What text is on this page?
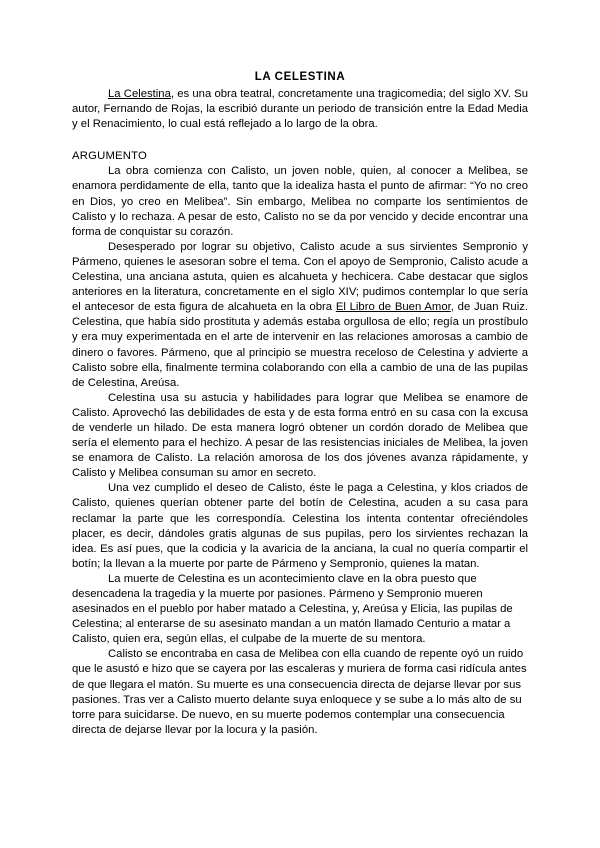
LA CELESTINA

La Celestina, es una obra teatral, concretamente una tragicomedia; del siglo XV. Su autor, Fernando de Rojas, la escribió durante un periodo de transición entre la Edad Media y el Renacimiento, lo cual está reflejado a lo largo de la obra.

ARGUMENTO

La obra comienza con Calisto, un joven noble, quien, al conocer a Melibea, se enamora perdidamente de ella, tanto que la idealiza hasta el punto de afirmar: “Yo no creo en Dios, yo creo en Melibea”. Sin embargo, Melibea no comparte los sentimientos de Calisto y lo rechaza. A pesar de esto, Calisto no se da por vencido y decide encontrar una forma de conquistar su corazón.

Desesperado por lograr su objetivo, Calisto acude a sus sirvientes Sempronio y Pármeno, quienes le asesoran sobre el tema. Con el apoyo de Sempronio, Calisto acude a Celestina, una anciana astuta, quien es alcahueta y hechicera. Cabe destacar que siglos anteriores en la literatura, concretamente en el siglo XIV; pudimos contemplar lo que sería el antecesor de esta figura de alcahueta en la obra El Libro de Buen Amor, de Juan Ruiz. Celestina, que había sido prostituta y además estaba orgullosa de ello; regía un prostíbulo y era muy experimentada en el arte de intervenir en las relaciones amorosas a cambio de dinero o favores. Pármeno, que al principio se muestra receloso de Celestina y advierte a Calisto sobre ella, finalmente termina colaborando con ella a cambio de una de las pupilas de Celestina, Areúsa.

Celestina usa su astucia y habilidades para lograr que Melibea se enamore de Calisto. Aprovechó las debilidades de esta y de esta forma entró en su casa con la excusa de venderle un hilado. De esta manera logró obtener un cordón dorado de Melibea que sería el elemento para el hechizo. A pesar de las resistencias iniciales de Melibea, la joven se enamora de Calisto. La relación amorosa de los dos jóvenes avanza rápidamente, y Calisto y Melibea consuman su amor en secreto.

Una vez cumplido el deseo de Calisto, éste le paga a Celestina, y klos criados de Calisto, quienes querían obtener parte del botín de Celestina, acuden a su casa para reclamar la parte que les correspondía. Celestina los intenta contentar ofreciéndoles placer, es decir, dándoles gratis algunas de sus pupilas, pero los sirvientes rechazan la idea. Es así pues, que la codicia y la avaricia de la anciana, la cual no quería compartir el botín; la llevan a la muerte por parte de Pármeno y Sempronio, quienes la matan.

La muerte de Celestina es un acontecimiento clave en la obra puesto que desencadena la tragedia y la muerte por pasiones. Pármeno y Sempronio mueren asesinados en el pueblo por haber matado a Celestina, y, Areúsa y Elicia, las pupilas de Celestina; al enterarse de su asesinato mandan a un matón llamado Centurio a matar a Calisto, quien era, según ellas, el culpabe de la muerte de su mentora.

Calisto se encontraba en casa de Melibea con ella cuando de repente oyó un ruido que le asustó e hizo que se cayera por las escaleras y muriera de forma casi ridícula antes de que llegara el matón. Su muerte es una consecuencia directa de dejarse llevar por sus pasiones. Tras ver a Calisto muerto delante suya enloquece y se sube a lo más alto de su torre para suicidarse. De nuevo, en su muerte podemos contemplar una consecuencia directa de dejarse llevar por la locura y la pasión.
